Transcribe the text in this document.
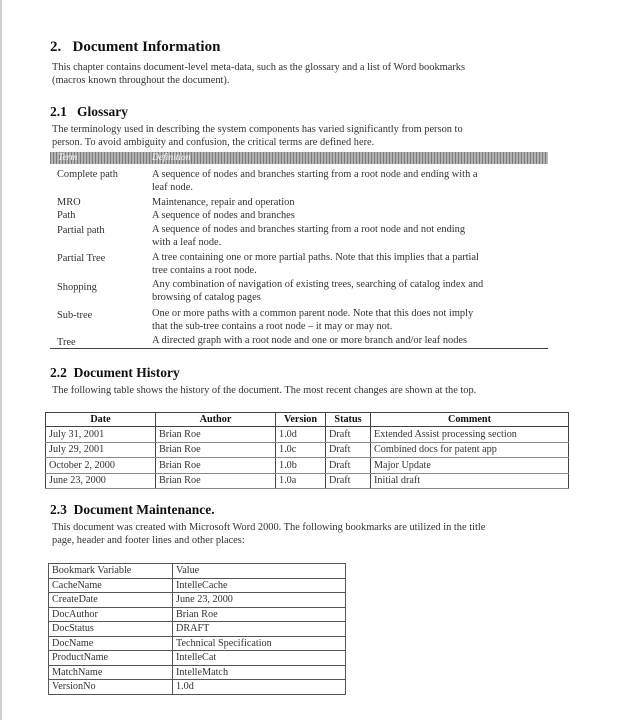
2. Document Information
This chapter contains document-level meta-data, such as the glossary and a list of Word bookmarks
(macros known throughout the document).
2.1 Glossary
The terminology used in describing the system components has varied significantly from person to
person. To avoid ambiguity and confusion, the critical terms are defined here.
Term	Definition
Complete path	A sequence of nodes and branches starting from a root node and ending with a
leaf node.
MRO	Maintenance, repair and operation
Path	A sequence of nodes and branches
Partial path	A sequence of nodes and branches starting from a root node and not ending
with a leaf node.
Partial Tree	A tree containing one or more partial paths. Note that this implies that a partial
tree contains a root node.
Shopping	Any combination of navigation of existing trees, searching of catalog index and
browsing of catalog pages
Sub-tree	One or more paths with a common parent node. Note that this does not imply
that the sub-tree contains a root node – it may or may not.
Tree	A directed graph with a root node and one or more branch and/or leaf nodes
2.2 Document History
The following table shows the history of the document. The most recent changes are shown at the top.
Date	Author	Version	Status	Comment
July 31, 2001	Brian Roe	1.0d	Draft	Extended Assist processing section
July 29, 2001	Brian Roe	1.0c	Draft	Combined docs for patent app
October 2, 2000	Brian Roe	1.0b	Draft	Major Update
June 23, 2000	Brian Roe	1.0a	Draft	Initial draft
2.3 Document Maintenance.
This document was created with Microsoft Word 2000. The following bookmarks are utilized in the title
page, header and footer lines and other places:
Bookmark Variable	Value
CacheName	IntelleCache
CreateDate	June 23, 2000
DocAuthor	Brian Roe
DocStatus	DRAFT
DocName	Technical Specification
ProductName	IntelleCat
MatchName	IntelleMatch
VersionNo	1.0d
